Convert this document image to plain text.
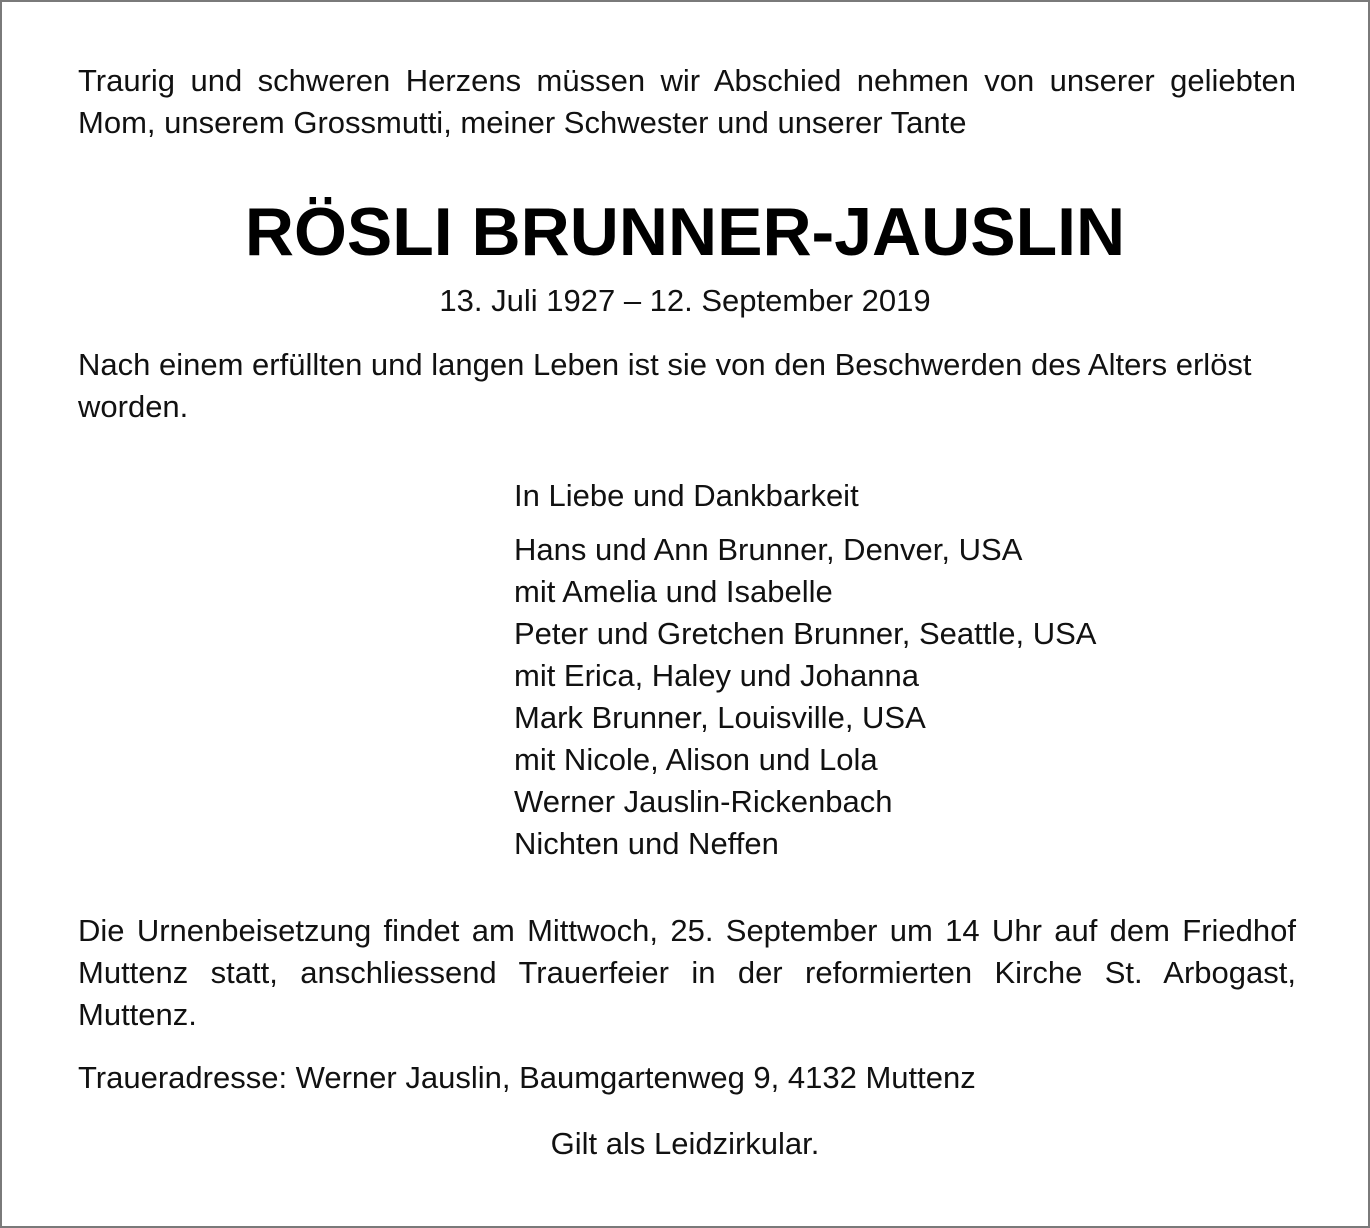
Traurig und schweren Herzens müssen wir Abschied nehmen von unserer geliebten Mom, unserem Grossmutti, meiner Schwester und unserer Tante
RÖSLI BRUNNER-JAUSLIN
13. Juli 1927 – 12. September 2019
Nach einem erfüllten und langen Leben ist sie von den Beschwerden des Alters erlöst worden.
In Liebe und Dankbarkeit
Hans und Ann Brunner, Denver, USA
mit Amelia und Isabelle
Peter und Gretchen Brunner, Seattle, USA
mit Erica, Haley und Johanna
Mark Brunner, Louisville, USA
mit Nicole, Alison und Lola
Werner Jauslin-Rickenbach
Nichten und Neffen
Die Urnenbeisetzung findet am Mittwoch, 25. September um 14 Uhr auf dem Friedhof Muttenz statt, anschliessend Trauerfeier in der reformierten Kirche St. Arbogast, Muttenz.
Traueradresse: Werner Jauslin, Baumgartenweg 9, 4132 Muttenz
Gilt als Leidzirkular.
